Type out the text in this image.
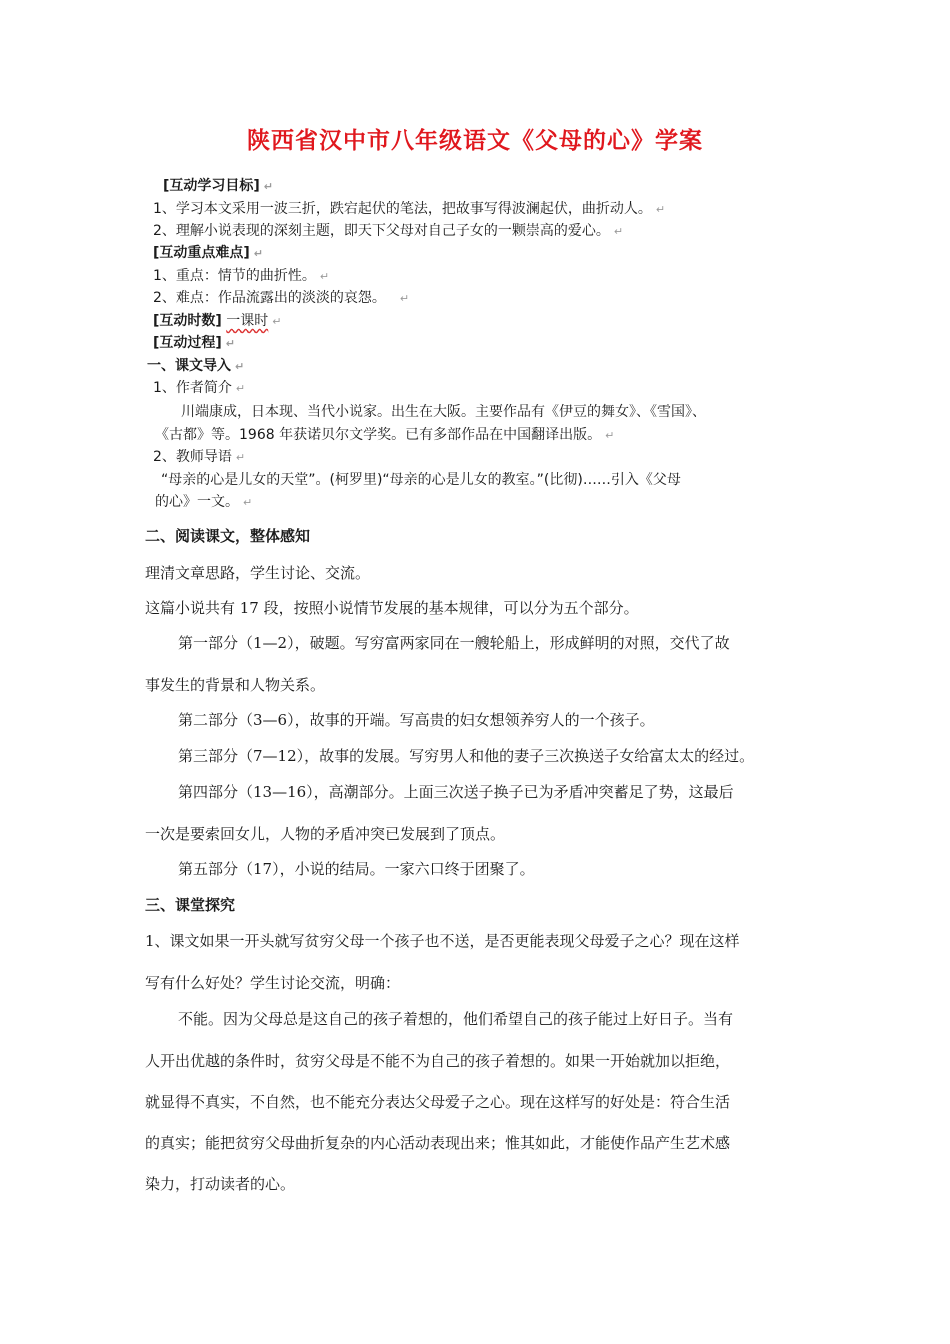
陕西省汉中市八年级语文《父母的心》学案
[互动学习目标] ↵
1、学习本文采用一波三折，跌宕起伏的笔法，把故事写得波澜起伏，曲折动人。 ↵
2、理解小说表现的深刻主题，即天下父母对自己子女的一颗崇高的爱心。 ↵
[互动重点难点] ↵
1、重点：情节的曲折性。 ↵
2、难点：作品流露出的淡淡的哀怨。 ↵
[互动时数] 一课时 ↵
[互动过程] ↵
一、课文导入 ↵
1、作者简介 ↵
川端康成，日本现、当代小说家。出生在大阪。主要作品有《伊豆的舞女》、《雪国》、
《古都》等。1968 年获诺贝尔文学奖。已有多部作品在中国翻译出版。 ↵
2、教师导语 ↵
“母亲的心是儿女的天堂”。(柯罗里)“母亲的心是儿女的教室。”(比彻)……引入《父母
的心》一文。 ↵
二、阅读课文，整体感知
理清文章思路，学生讨论、交流。
这篇小说共有 17 段，按照小说情节发展的基本规律，可以分为五个部分。
第一部分（1—2），破题。写穷富两家同在一艘轮船上，形成鲜明的对照，交代了故
事发生的背景和人物关系。
第二部分（3—6），故事的开端。写高贵的妇女想领养穷人的一个孩子。
第三部分（7—12），故事的发展。写穷男人和他的妻子三次换送子女给富太太的经过。
第四部分（13—16），高潮部分。上面三次送子换子已为矛盾冲突蓄足了势，这最后
一次是要索回女儿，人物的矛盾冲突已发展到了顶点。
第五部分（17），小说的结局。一家六口终于团聚了。
三、课堂探究
1、课文如果一开头就写贫穷父母一个孩子也不送，是否更能表现父母爱子之心？现在这样
写有什么好处？学生讨论交流，明确：
不能。因为父母总是这自己的孩子着想的，他们希望自己的孩子能过上好日子。当有
人开出优越的条件时，贫穷父母是不能不为自己的孩子着想的。如果一开始就加以拒绝，
就显得不真实，不自然，也不能充分表达父母爱子之心。现在这样写的好处是：符合生活
的真实；能把贫穷父母曲折复杂的内心活动表现出来；惟其如此，才能使作品产生艺术感
染力，打动读者的心。
